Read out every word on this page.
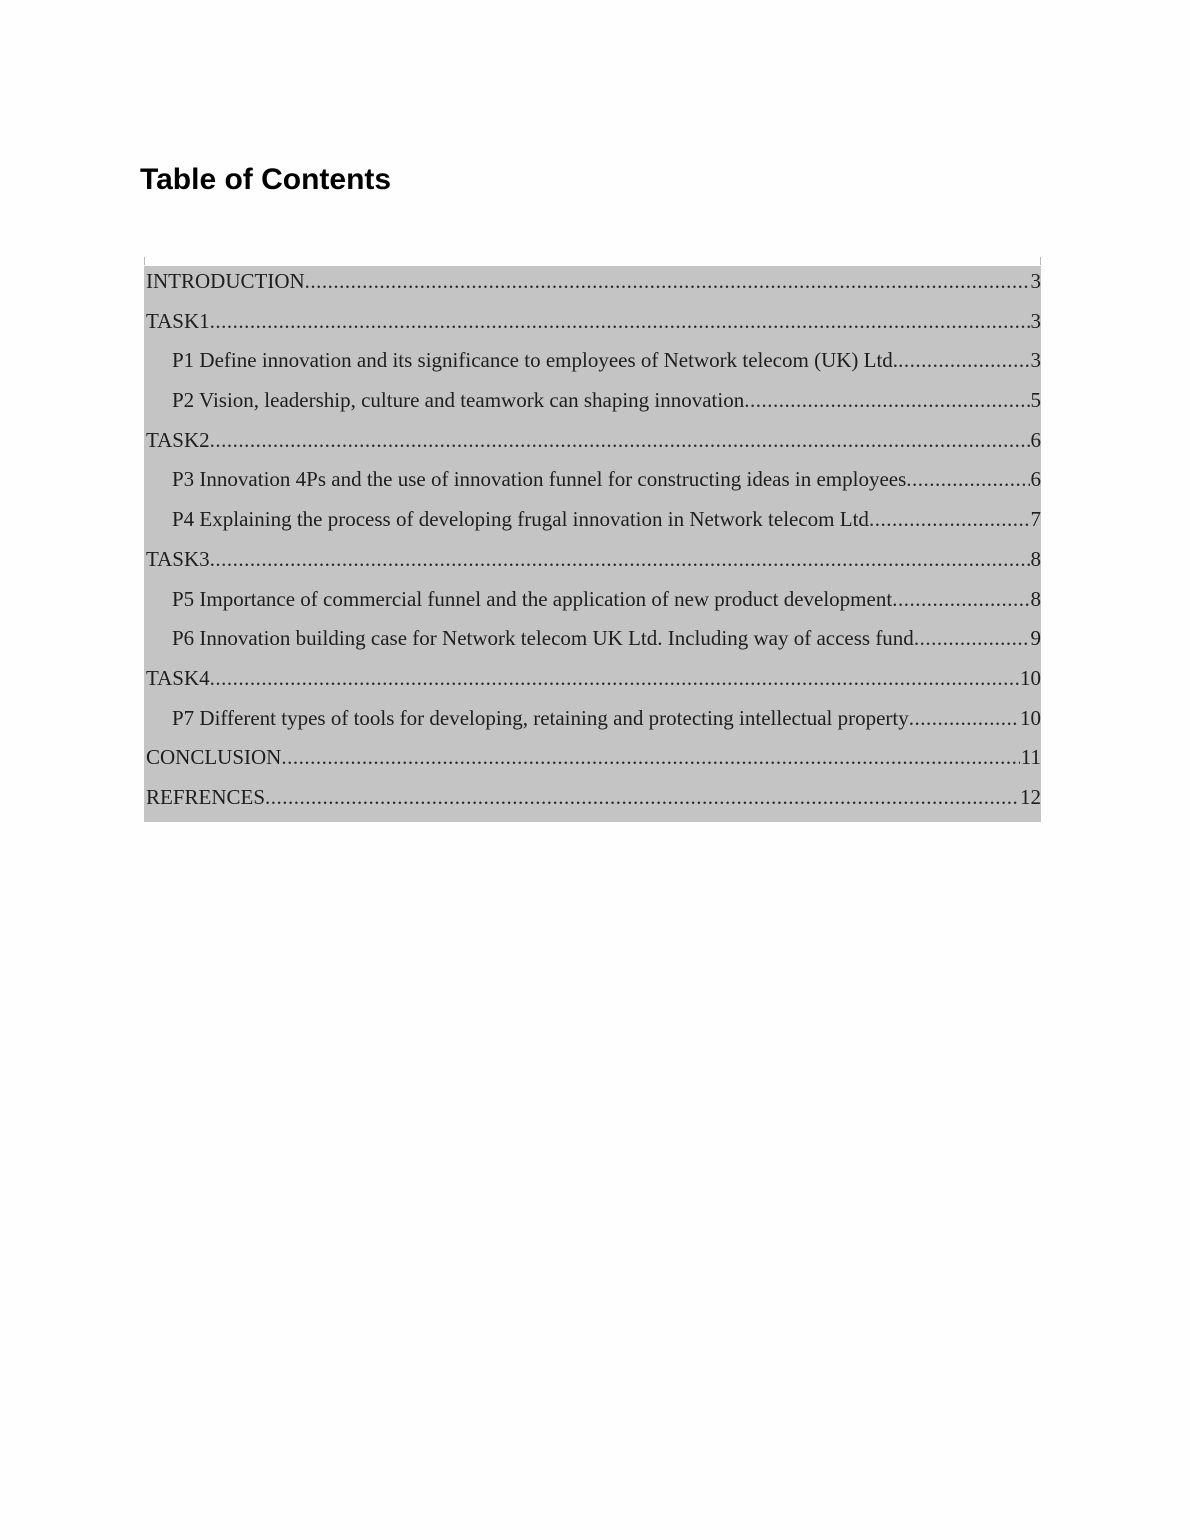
Table of Contents
INTRODUCTION .....	3
TASK1 .....	3
P1 Define innovation and its significance to employees of Network telecom (UK) Ltd. .....	3
P2 Vision, leadership, culture and teamwork can shaping innovation .....	5
TASK2 .....	6
P3 Innovation 4Ps and the use of innovation funnel for constructing ideas in employees .....	6
P4 Explaining the process of developing frugal innovation in Network telecom Ltd .....	7
TASK3 .....	8
P5 Importance of commercial funnel and the application of new product development .....	8
P6 Innovation building case for Network telecom UK Ltd. Including way of access fund .....	9
TASK4 .....	10
P7 Different types of tools for developing, retaining and protecting intellectual property .....	10
CONCLUSION .....	11
REFRENCES .....	12
